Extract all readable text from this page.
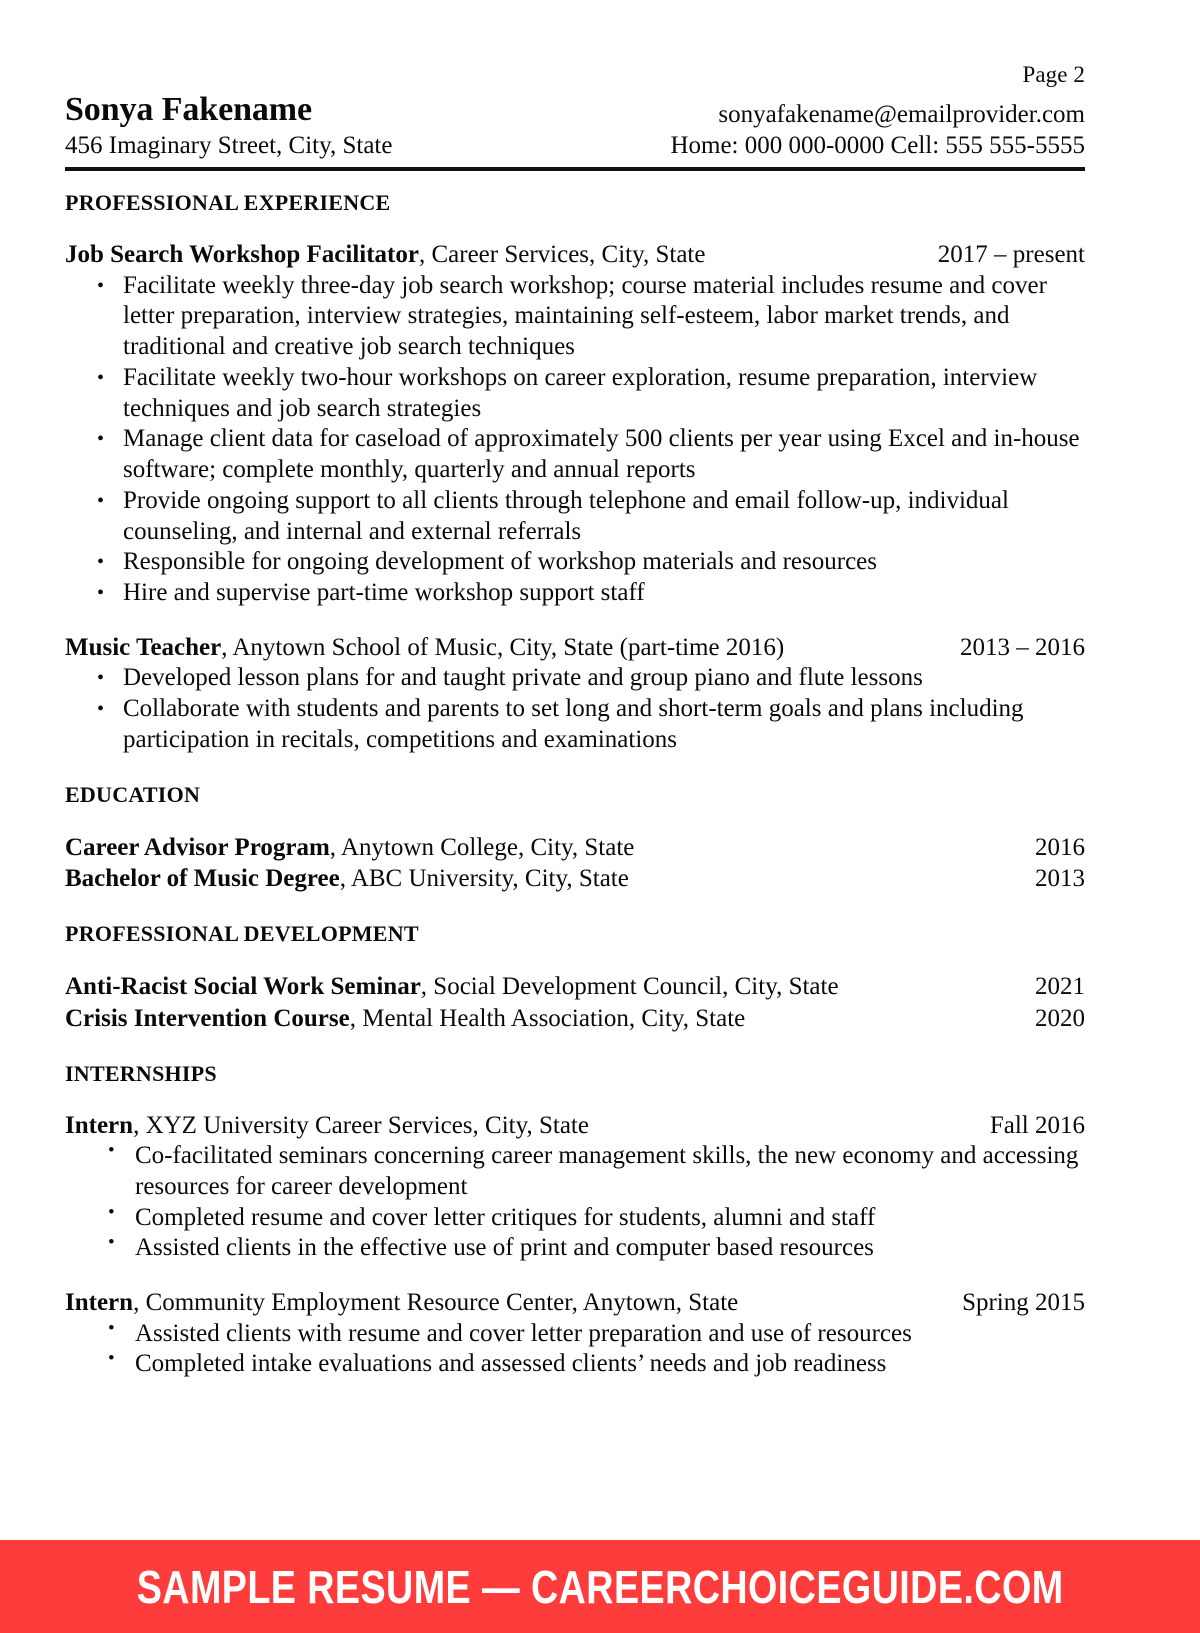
Page 2
Sonya Fakename
456 Imaginary Street, City, State
sonyafakename@emailprovider.com
Home: 000 000-0000 Cell: 555 555-5555
PROFESSIONAL EXPERIENCE
Job Search Workshop Facilitator, Career Services, City, State	2017 – present
• Facilitate weekly three-day job search workshop; course material includes resume and cover letter preparation, interview strategies, maintaining self-esteem, labor market trends, and traditional and creative job search techniques
• Facilitate weekly two-hour workshops on career exploration, resume preparation, interview techniques and job search strategies
• Manage client data for caseload of approximately 500 clients per year using Excel and in-house software; complete monthly, quarterly and annual reports
• Provide ongoing support to all clients through telephone and email follow-up, individual counseling, and internal and external referrals
• Responsible for ongoing development of workshop materials and resources
• Hire and supervise part-time workshop support staff
Music Teacher, Anytown School of Music, City, State (part-time 2016)	2013 – 2016
• Developed lesson plans for and taught private and group piano and flute lessons
• Collaborate with students and parents to set long and short-term goals and plans including participation in recitals, competitions and examinations
EDUCATION
Career Advisor Program, Anytown College, City, State	2016
Bachelor of Music Degree, ABC University, City, State	2013
PROFESSIONAL DEVELOPMENT
Anti-Racist Social Work Seminar, Social Development Council, City, State	2021
Crisis Intervention Course, Mental Health Association, City, State	2020
INTERNSHIPS
Intern, XYZ University Career Services, City, State	Fall 2016
• Co-facilitated seminars concerning career management skills, the new economy and accessing resources for career development
• Completed resume and cover letter critiques for students, alumni and staff
• Assisted clients in the effective use of print and computer based resources
Intern, Community Employment Resource Center, Anytown, State	Spring 2015
• Assisted clients with resume and cover letter preparation and use of resources
• Completed intake evaluations and assessed clients’ needs and job readiness
SAMPLE RESUME — CAREERCHOICEGUIDE.COM
